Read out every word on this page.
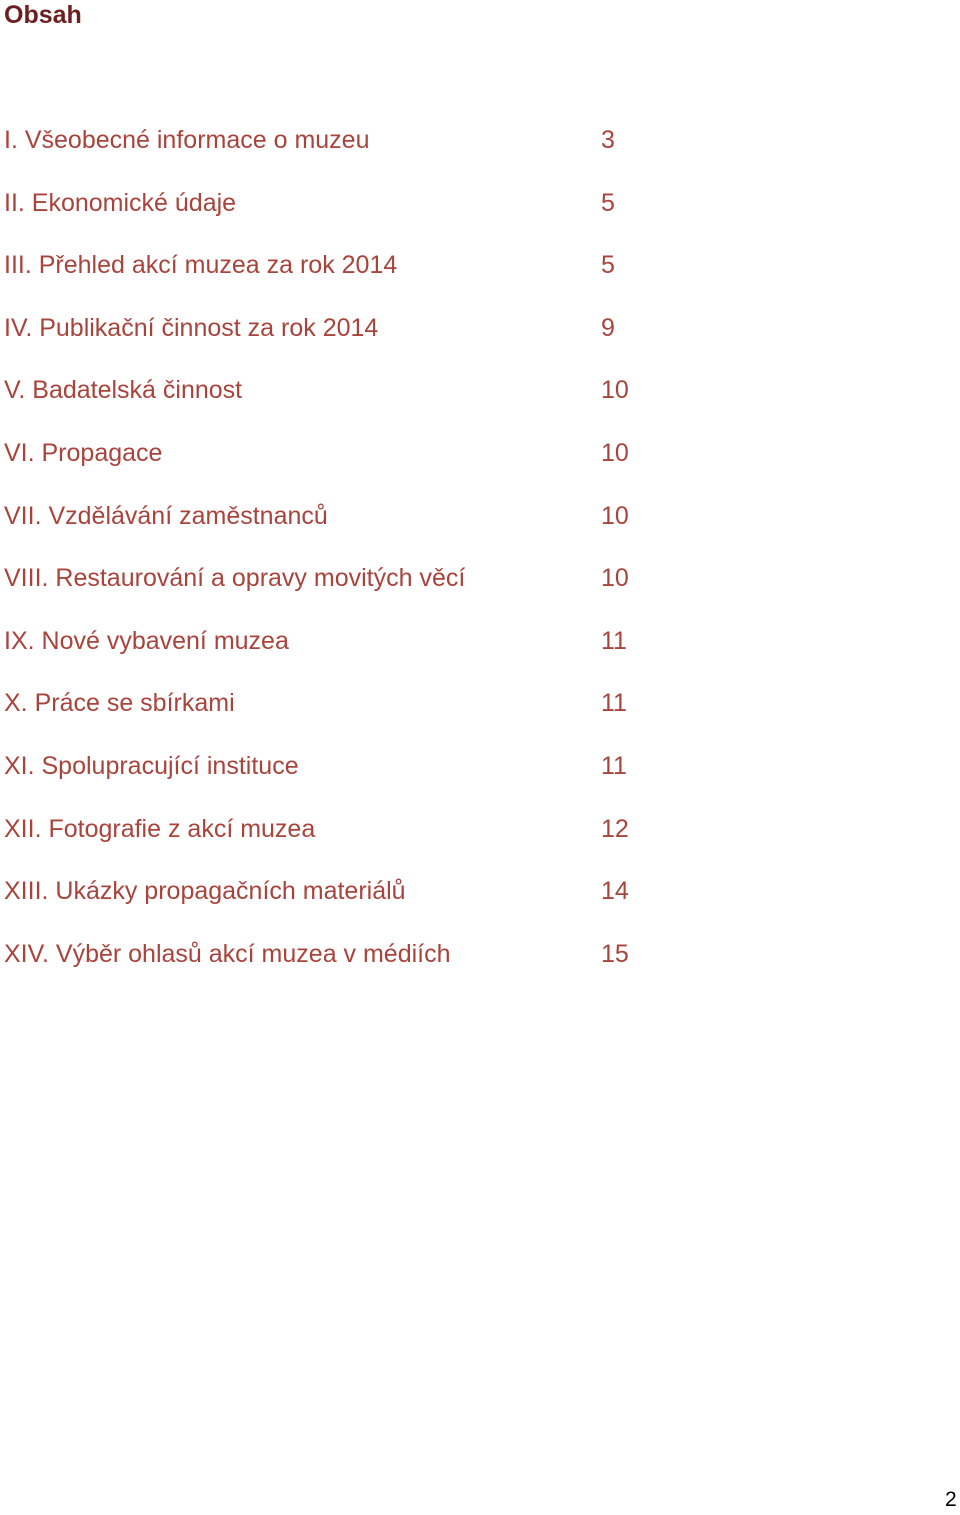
Obsah
I. Všeobecné informace o muzeu	3
II. Ekonomické údaje	5
III. Přehled akcí muzea za rok 2014	5
IV. Publikační činnost za rok 2014	9
V. Badatelská činnost	10
VI. Propagace	10
VII. Vzdělávání zaměstnanců	10
VIII. Restaurování a opravy movitých věcí	10
IX. Nové vybavení muzea	11
X. Práce se sbírkami	11
XI. Spolupracující instituce	11
XII. Fotografie z akcí muzea	12
XIII. Ukázky propagačních materiálů	14
XIV. Výběr ohlasů akcí muzea v médiích	15
2
